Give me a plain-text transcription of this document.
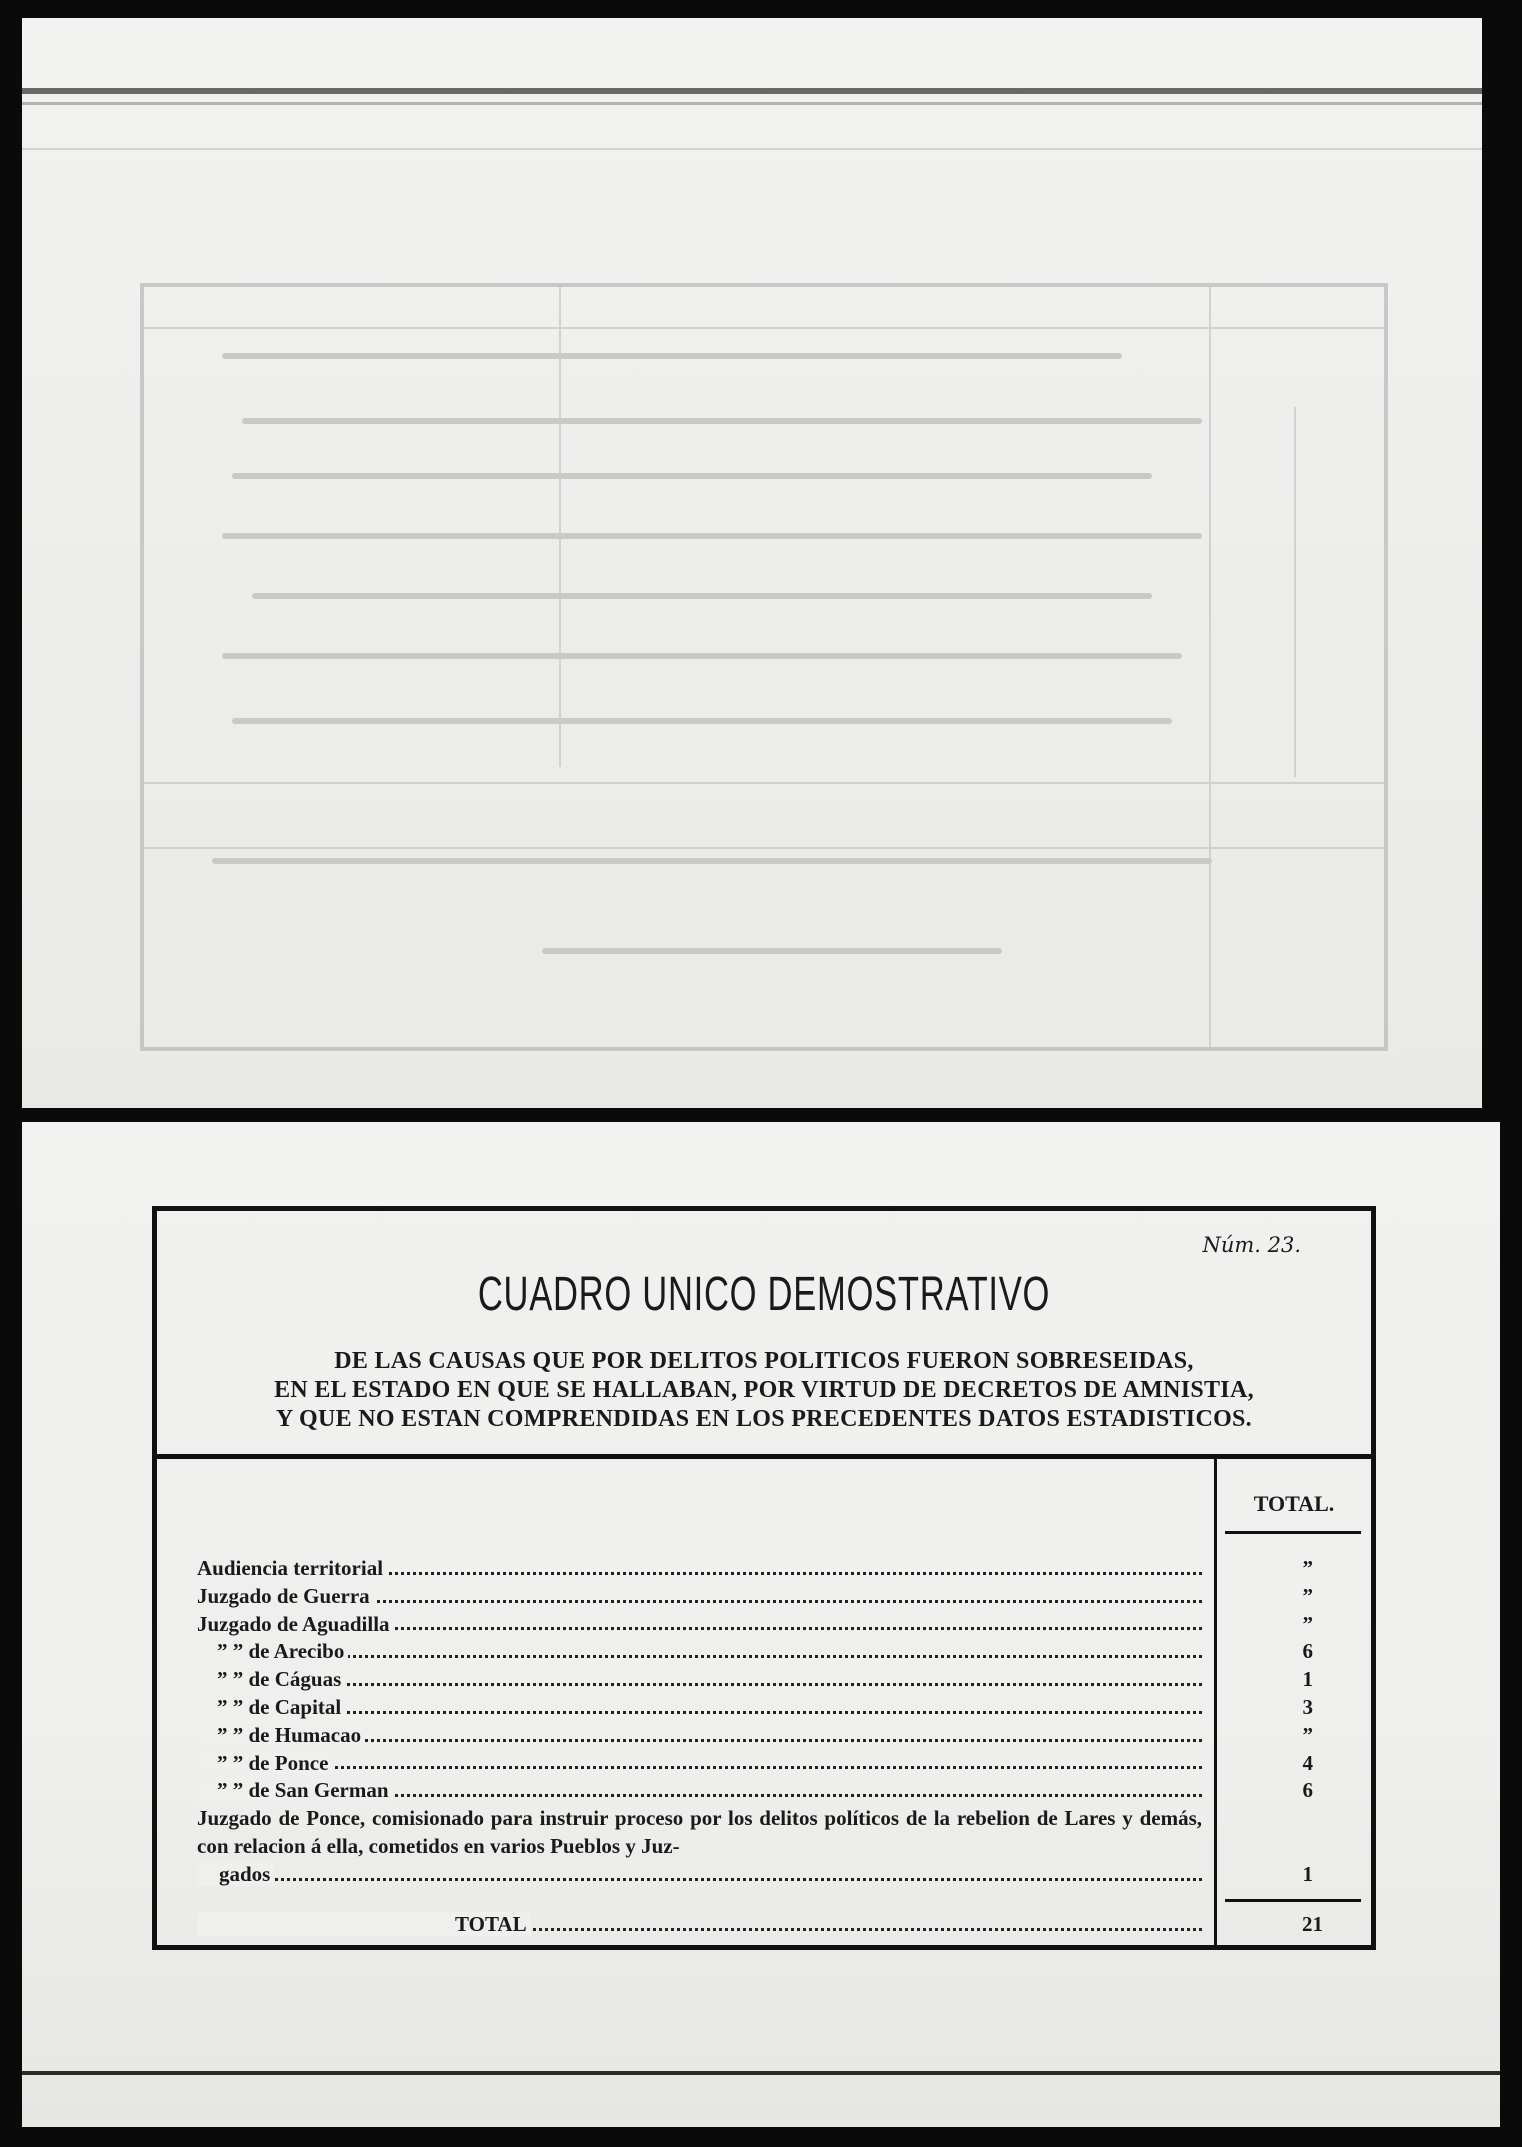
Núm. 23.
CUADRO UNICO DEMOSTRATIVO
DE LAS CAUSAS QUE POR DELITOS POLITICOS FUERON SOBRESEIDAS,
EN EL ESTADO EN QUE SE HALLABAN, POR VIRTUD DE DECRETOS DE AMNISTIA,
Y QUE NO ESTAN COMPRENDIDAS EN LOS PRECEDENTES DATOS ESTADISTICOS.
TOTAL.
Audiencia territorial
Juzgado de Guerra
Juzgado de Aguadilla
” ” de Arecibo
” ” de Cáguas
” ” de Capital
” ” de Humacao
” ” de Ponce
” ” de San German
Juzgado de Ponce, comisionado para instruir proceso por los delitos políticos de la rebelion de Lares y demás, con relacion á ella, cometidos en varios Pueblos y Juz-
gados
”
”
”
6
1
3
”
4
6
1
TOTAL	21
